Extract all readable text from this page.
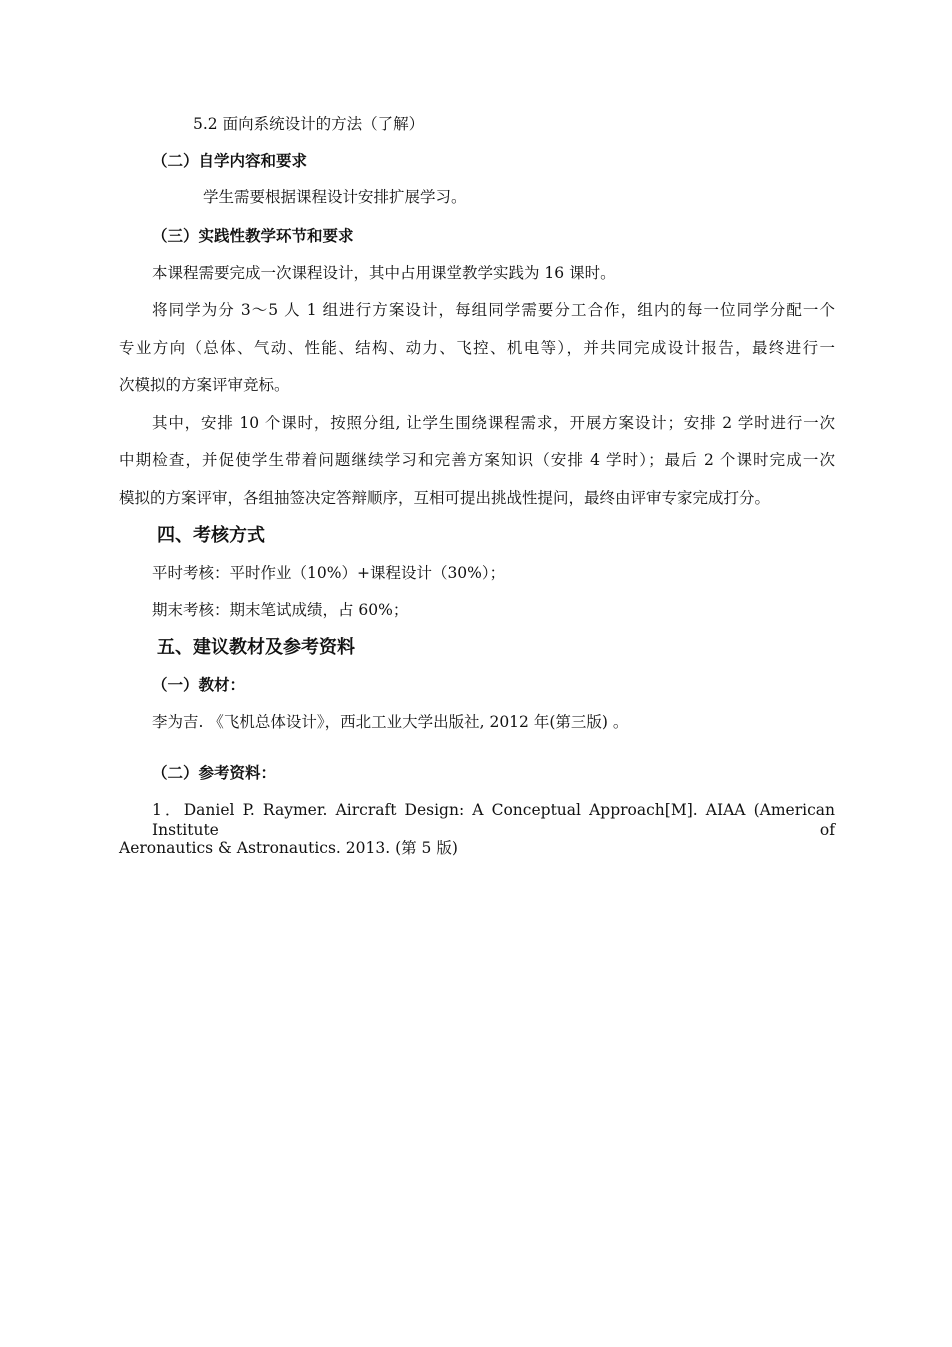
5.2 面向系统设计的方法（了解）
（二）自学内容和要求
学生需要根据课程设计安排扩展学习。
（三）实践性教学环节和要求
本课程需要完成一次课程设计，其中占用课堂教学实践为 16 课时。
将同学为分 3～5 人 1 组进行方案设计，每组同学需要分工合作，组内的每一位同学分配一个
专业方向（总体、气动、性能、结构、动力、飞控、机电等），并共同完成设计报告，最终进行一
次模拟的方案评审竞标。
其中，安排 10 个课时，按照分组, 让学生围绕课程需求，开展方案设计；安排 2 学时进行一次
中期检查，并促使学生带着问题继续学习和完善方案知识（安排 4 学时）；最后 2 个课时完成一次
模拟的方案评审，各组抽签决定答辩顺序，互相可提出挑战性提问，最终由评审专家完成打分。
四、考核方式
平时考核：平时作业（10%）+课程设计（30%）；
期末考核：期末笔试成绩，占 60%；
五、建议教材及参考资料
（一）教材：
李为吉. 《飞机总体设计》，西北工业大学出版社, 2012 年(第三版) 。
（二）参考资料：
1．Daniel P. Raymer. Aircraft Design: A Conceptual Approach[M]. AIAA (American Institute of
Aeronautics & Astronautics. 2013. (第 5 版)
